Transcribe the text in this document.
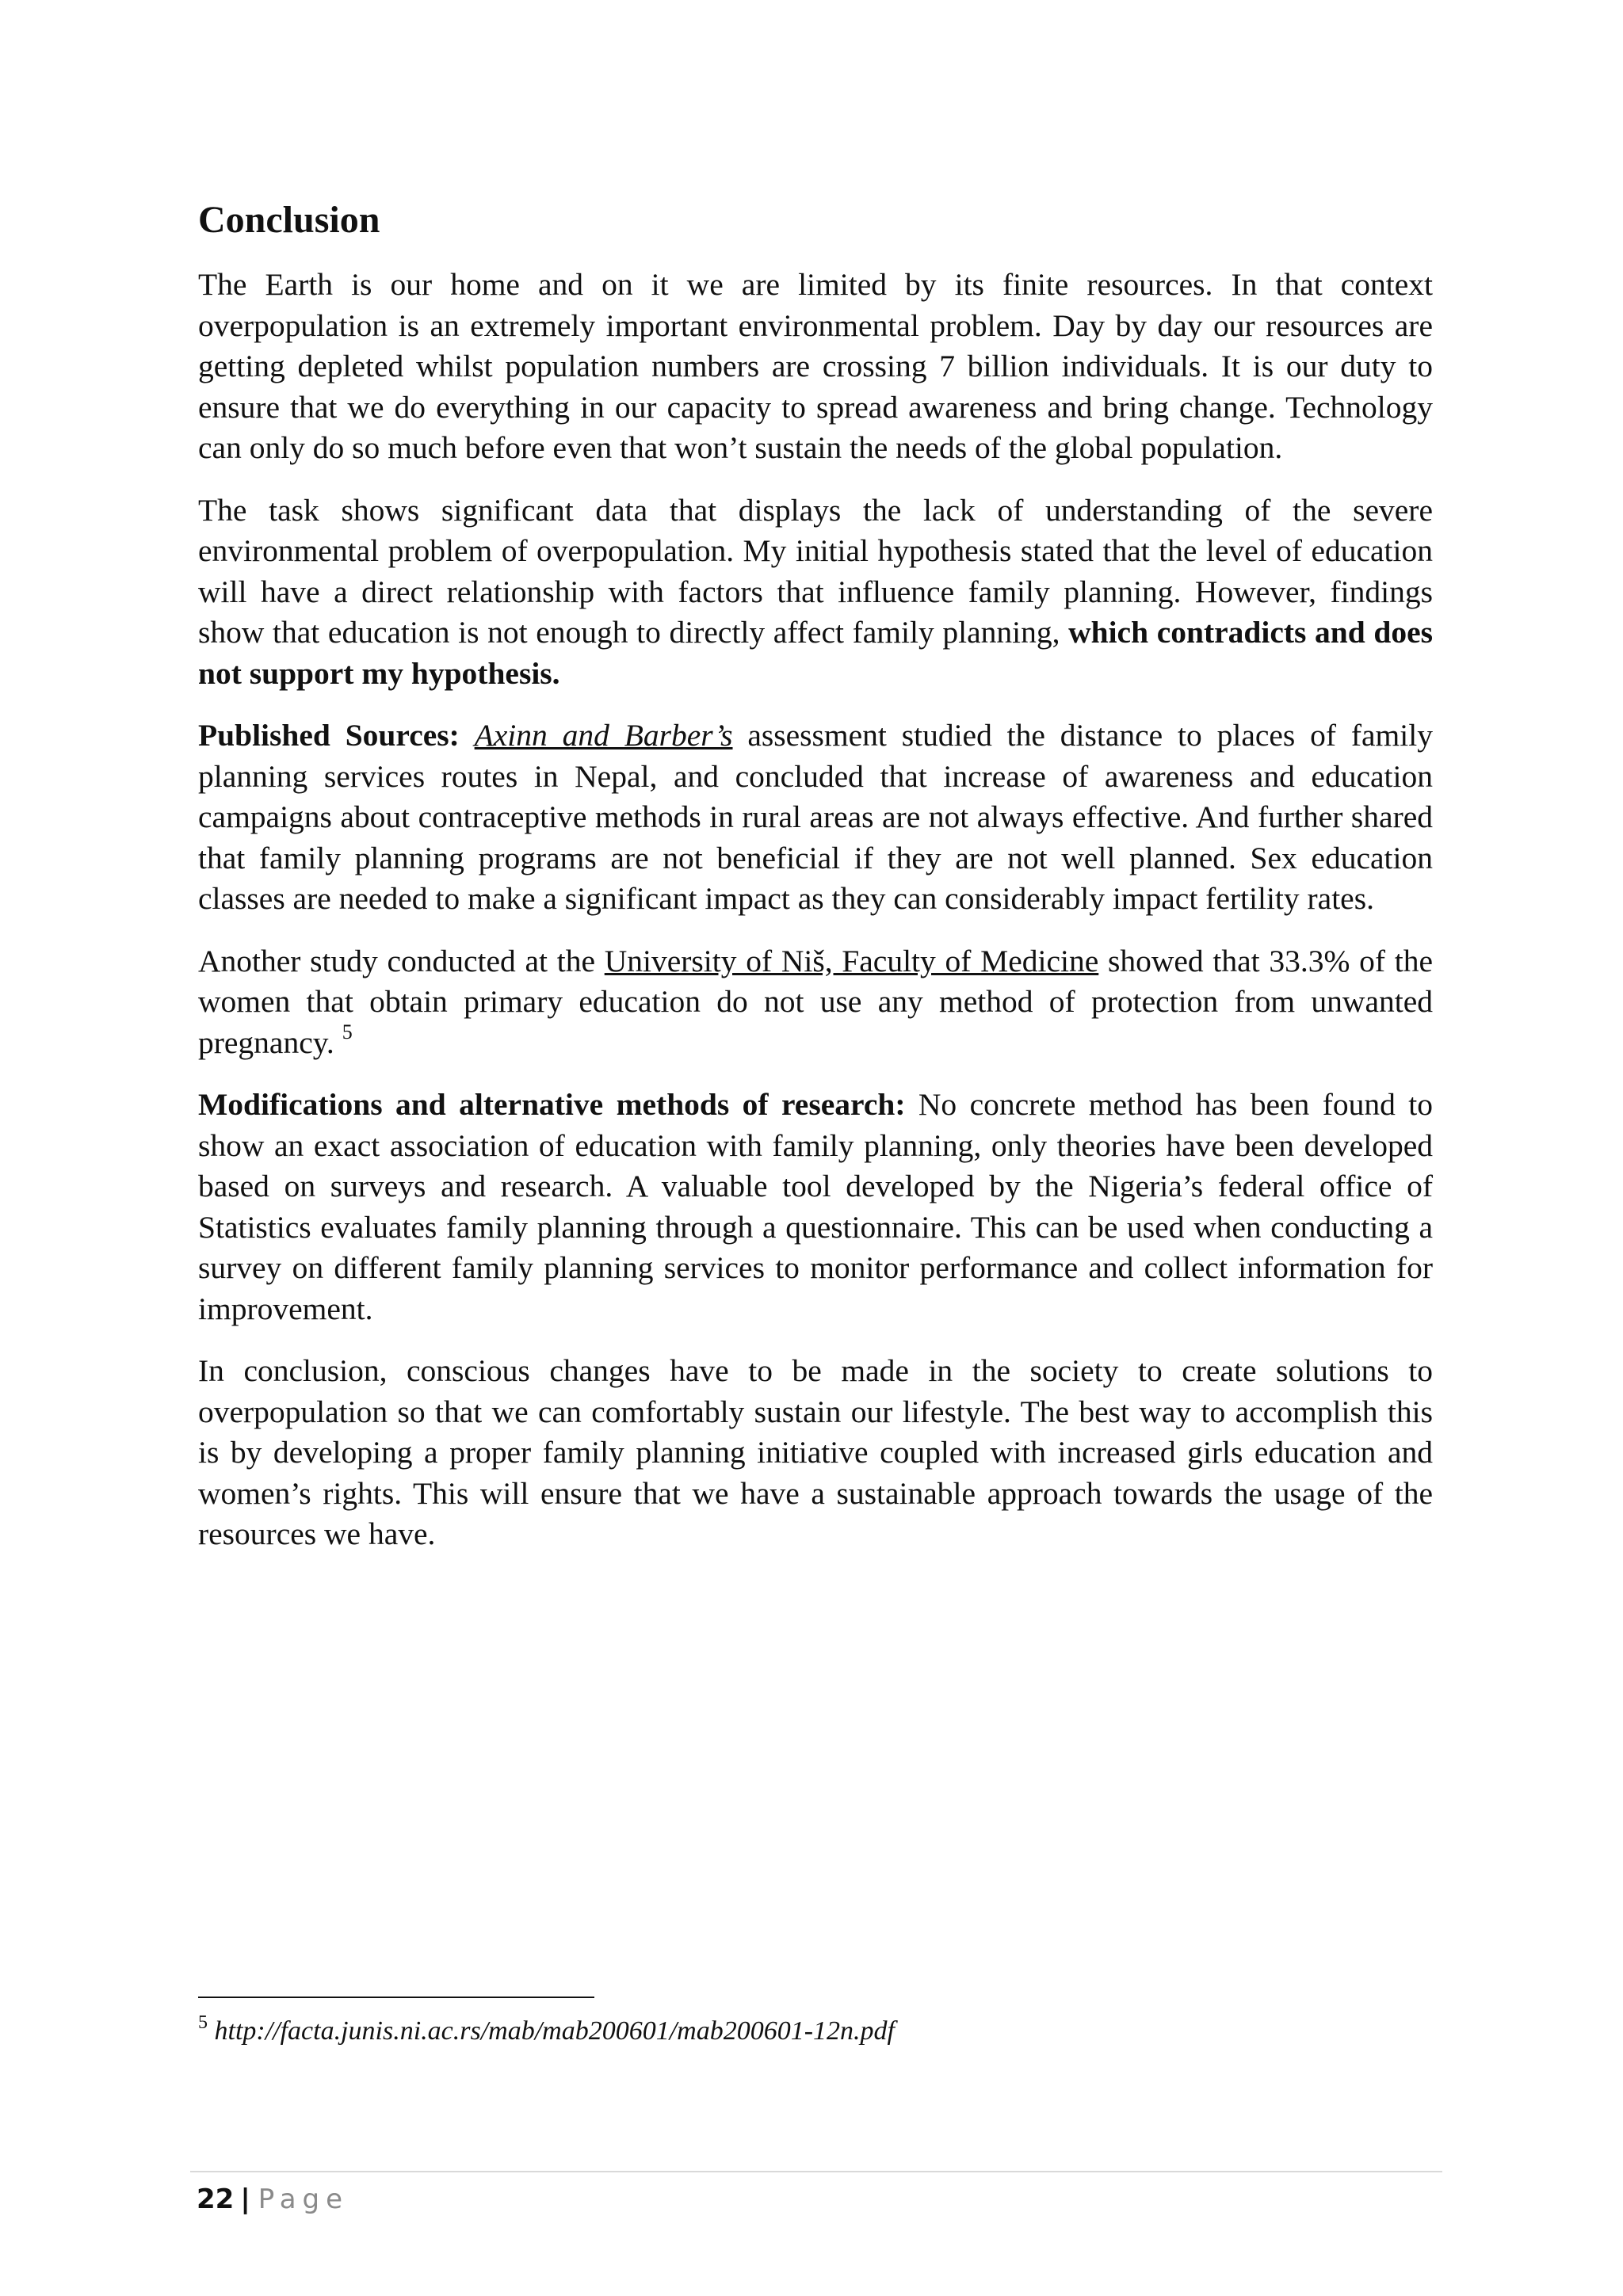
Conclusion

The Earth is our home and on it we are limited by its finite resources. In that context overpopulation is an extremely important environmental problem. Day by day our resources are getting depleted whilst population numbers are crossing 7 billion individuals. It is our duty to ensure that we do everything in our capacity to spread awareness and bring change. Technology can only do so much before even that won’t sustain the needs of the global population.

The task shows significant data that displays the lack of understanding of the severe environmental problem of overpopulation. My initial hypothesis stated that the level of education will have a direct relationship with factors that influence family planning. However, findings show that education is not enough to directly affect family planning, which contradicts and does not support my hypothesis.

Published Sources: Axinn and Barber’s assessment studied the distance to places of family planning services routes in Nepal, and concluded that increase of awareness and education campaigns about contraceptive methods in rural areas are not always effective. And further shared that family planning programs are not beneficial if they are not well planned. Sex education classes are needed to make a significant impact as they can considerably impact fertility rates.

Another study conducted at the University of Niš, Faculty of Medicine showed that 33.3% of the women that obtain primary education do not use any method of protection from unwanted pregnancy. $^5$

Modifications and alternative methods of research: No concrete method has been found to show an exact association of education with family planning, only theories have been developed based on surveys and research. A valuable tool developed by the Nigeria’s federal office of Statistics evaluates family planning through a questionnaire. This can be used when conducting a survey on different family planning services to monitor performance and collect information for improvement.

In conclusion, conscious changes have to be made in the society to create solutions to overpopulation so that we can comfortably sustain our lifestyle. The best way to accomplish this is by developing a proper family planning initiative coupled with increased girls education and women’s rights. This will ensure that we have a sustainable approach towards the usage of the resources we have.

$^5$ http://facta.junis.ni.ac.rs/mab/mab200601/mab200601-12n.pdf
22 | Page
